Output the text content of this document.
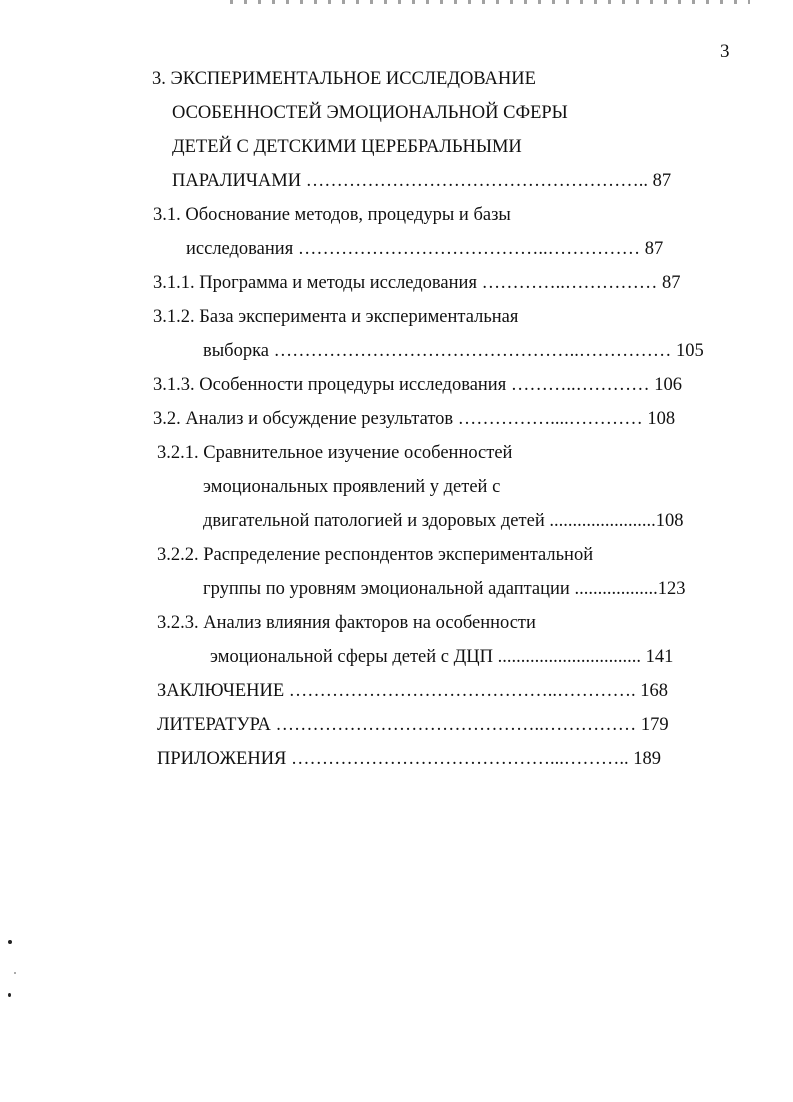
3
3. ЭКСПЕРИМЕНТАЛЬНОЕ ИССЛЕДОВАНИЕ
ОСОБЕННОСТЕЙ ЭМОЦИОНАЛЬНОЙ СФЕРЫ
ДЕТЕЙ С ДЕТСКИМИ ЦЕРЕБРАЛЬНЫМИ
ПАРАЛИЧАМИ ……………………………………………….. 87
3.1. Обоснование методов, процедуры и базы
исследования …………………………………..…………… 87
3.1.1. Программа и методы исследования …………..…………… 87
3.1.2. База эксперимента и экспериментальная
выборка …………………………………………..…………… 105
3.1.3. Особенности процедуры исследования ………..………… 106
3.2. Анализ и обсуждение результатов ……………....………… 108
3.2.1. Сравнительное изучение особенностей
эмоциональных проявлений у детей с
двигательной патологией и здоровых детей .......................108
3.2.2. Распределение респондентов экспериментальной
группы по уровням эмоциональной адаптации ..................123
3.2.3. Анализ влияния факторов на особенности
эмоциональной сферы детей с ДЦП ............................... 141
ЗАКЛЮЧЕНИЕ ……………………………………..…………. 168
ЛИТЕРАТУРА ……………………………………..…………… 179
ПРИЛОЖЕНИЯ ……………………………………...……….. 189
